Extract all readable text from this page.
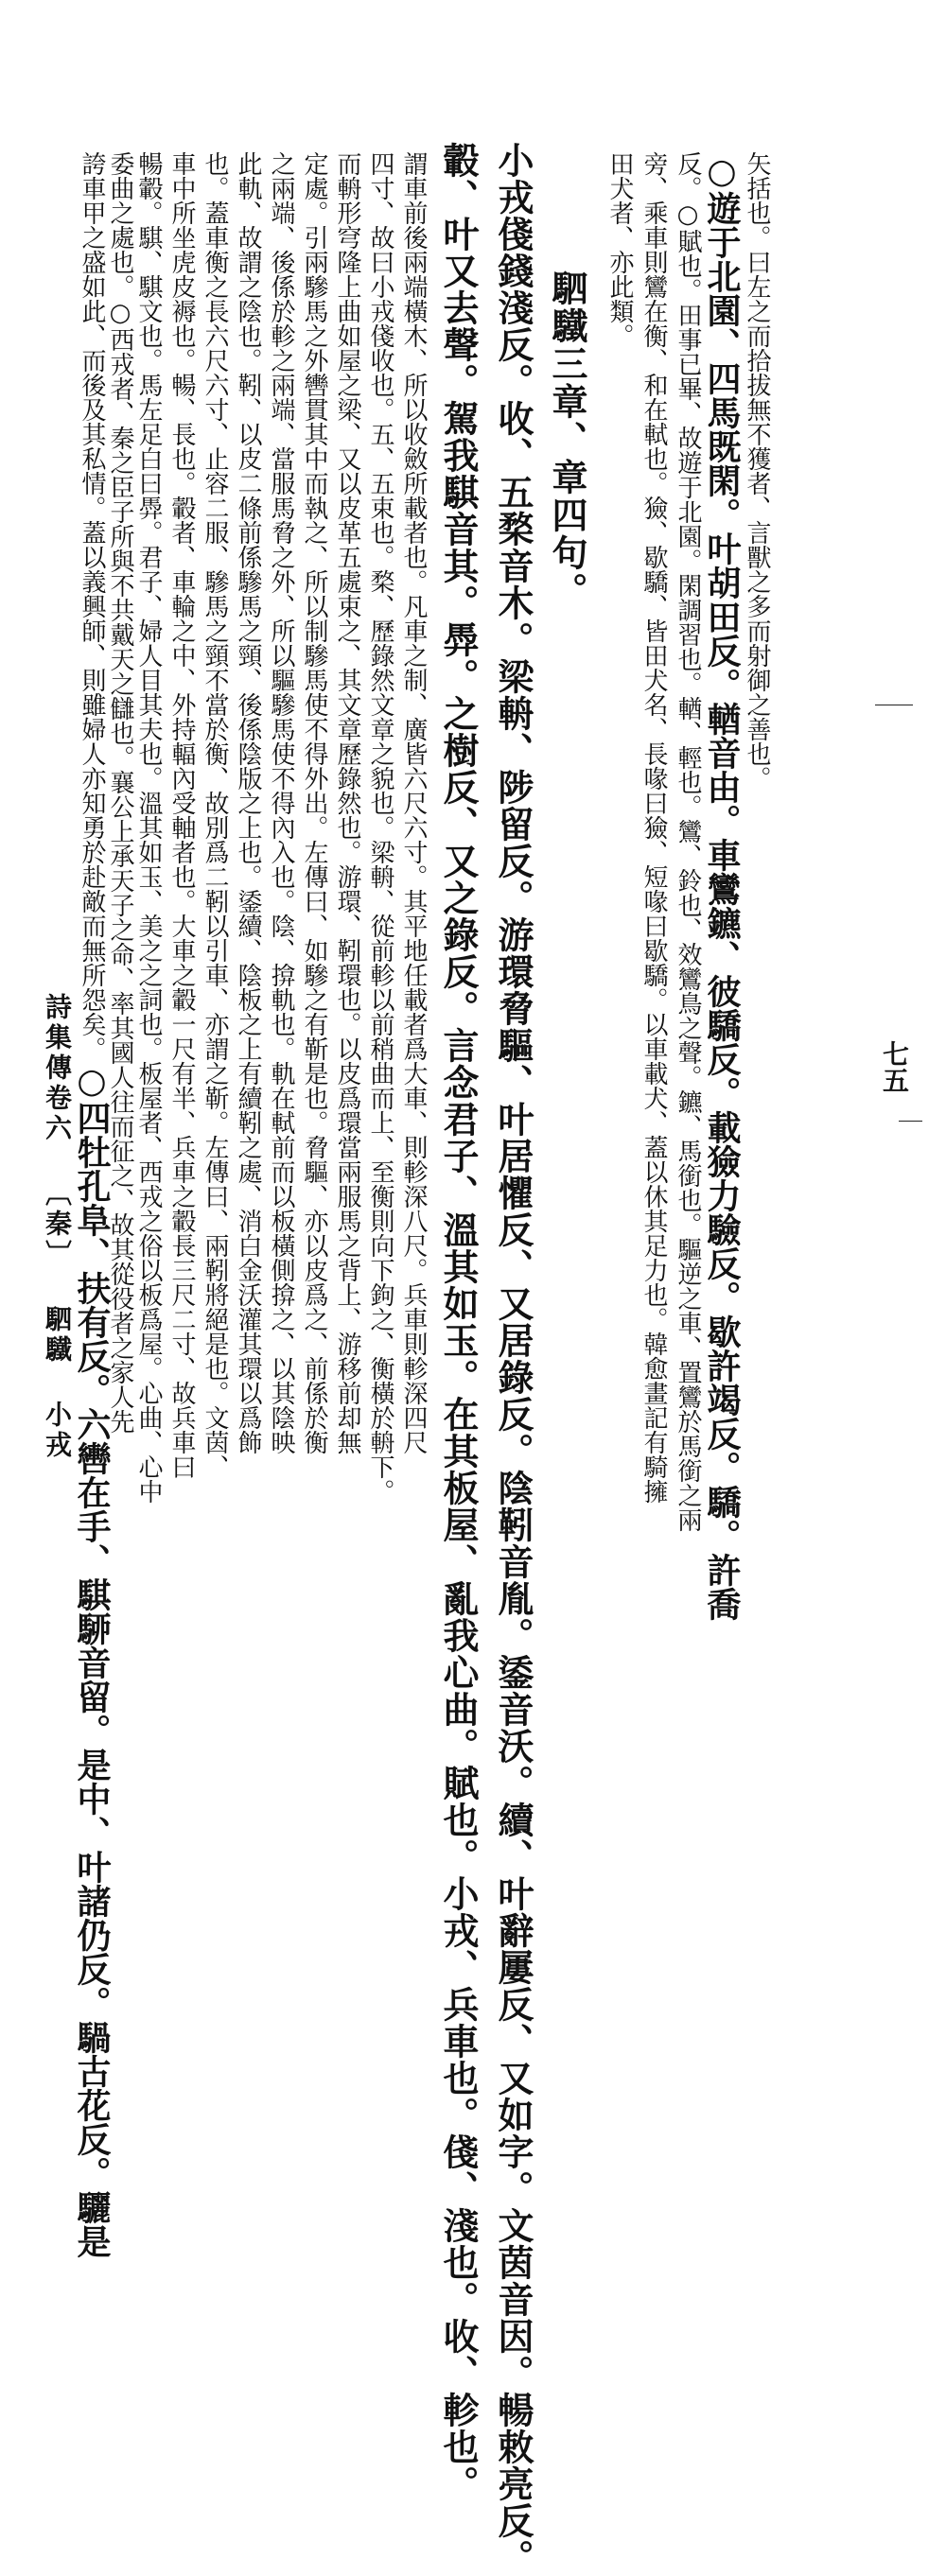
矢括也。曰左之而拾拔無不獲者、言獸之多而射御之善也。
○遊于北園、四馬既閑。叶胡田反。輶音由。車鸞鑣、彼驕反。載獫力驗反。歇許竭反。驕。許喬
反。○賦也。田事已畢、故遊于北園。閑調習也。輶、輕也。鸞、鈴也、效鸞鳥之聲。鑣、馬銜也。驅逆之車、置鸞於馬銜之兩
旁、乘車則鸞在衡、和在軾也。獫、歇驕、皆田犬名、長喙曰獫、短喙曰歇驕。以車載犬、蓋以休其足力也。韓愈畫記有騎擁
田犬者、亦此類。
駟驖三章、章四句。
小戎俴錢淺反。收、五楘音木。梁輈、陟留反。游環脅驅、叶居懼反、又居錄反。陰靷音胤。鋈音沃。續、叶辭屢反、又如字。文茵音因。暢敕亮反。
轂、叶又去聲。駕我騏音其。馵。之樹反、又之錄反。言念君子、溫其如玉。在其板屋、亂我心曲。賦也。小戎、兵車也。俴、淺也。收、軫也。
謂車前後兩端橫木、所以收斂所載者也。凡車之制、廣皆六尺六寸。其平地任載者爲大車、則軫深八尺。兵車則軫深四尺
四寸、故曰小戎俴收也。五、五束也。楘、歷錄然文章之貌也。梁輈、從前軫以前稍曲而上、至衡則向下鉤之、衡橫於輈下。
而輈形穹隆上曲如屋之梁、又以皮革五處束之、其文章歷錄然也。游環、靷環也。以皮爲環當兩服馬之背上、游移前却無
定處。引兩驂馬之外轡貫其中而執之、所以制驂馬使不得外出。左傳曰、如驂之有靳是也。脅驅、亦以皮爲之、前係於衡
之兩端、後係於軫之兩端、當服馬脅之外、所以驅驂馬使不得內入也。陰、揜軌也。軌在軾前而以板橫側揜之、以其陰映
此軌、故謂之陰也。靷、以皮二條前係驂馬之頸、後係陰版之上也。鋈續、陰板之上有續靷之處、消白金沃灌其環以爲飾
也。蓋車衡之長六尺六寸、止容二服、驂馬之頸不當於衡、故別爲二靷以引車、亦謂之靳。左傳曰、兩靷將絕是也。文茵、
車中所坐虎皮褥也。暢、長也。轂者、車輪之中、外持輻內受軸者也。大車之轂一尺有半、兵車之轂長三尺二寸、故兵車曰
暢轂。騏、騏文也。馬左足白曰馵。君子、婦人目其夫也。溫其如玉、美之之詞也。板屋者、西戎之俗以板爲屋。心曲、心中
委曲之處也。○西戎者、秦之臣子所與不共戴天之讎也。襄公上承天子之命、率其國人往而征之、故其從役者之家人先
誇車甲之盛如此、而後及其私情。蓋以義興師、則雖婦人亦知勇於赴敵而無所怨矣。○四牡孔阜、扶有反。六轡在手、騏駵音留。是中、叶諸仍反。騧古花反。驪是
詩集傳卷六 〔秦〕 駟驖 小戎	七五
